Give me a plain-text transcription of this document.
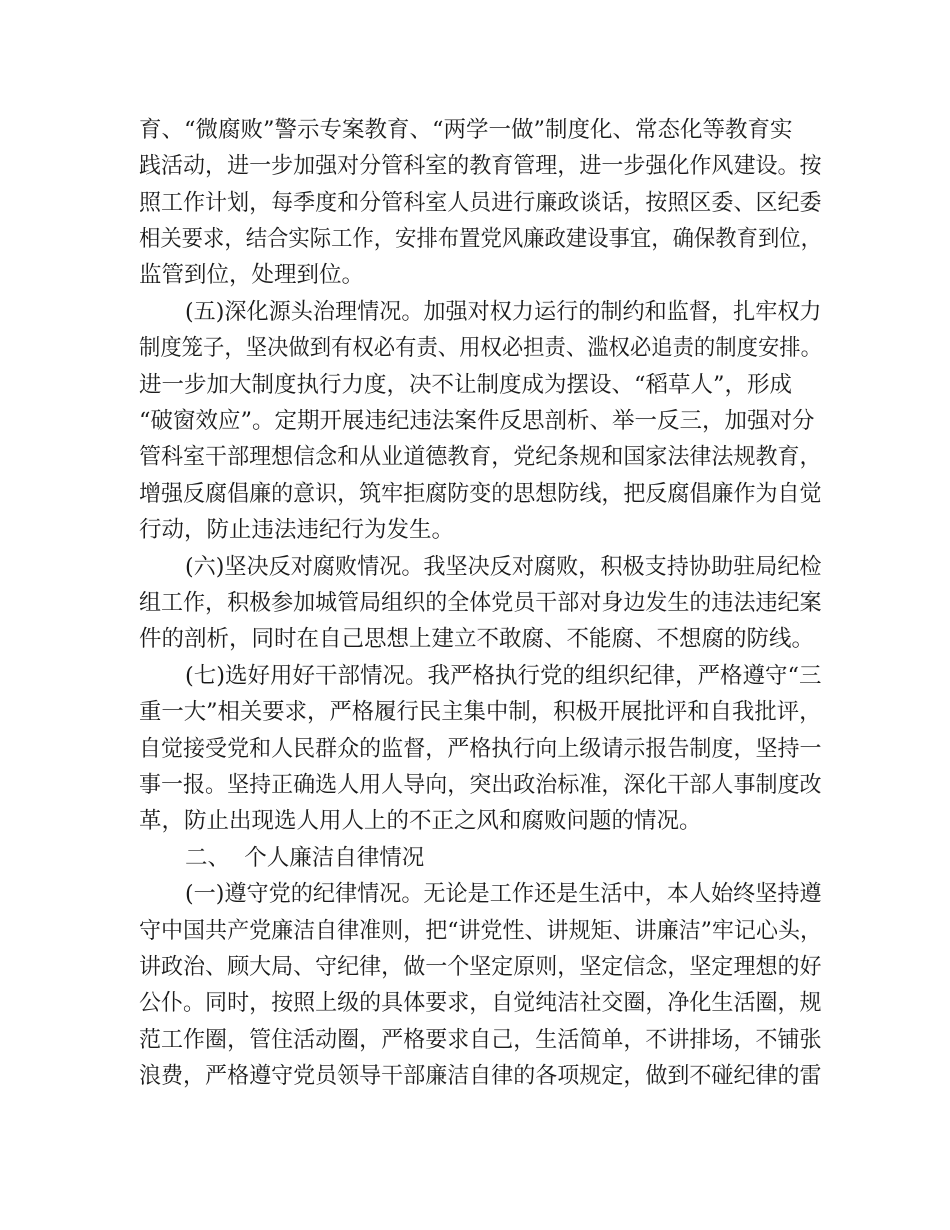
育、“微腐败”警示专案教育、“两学一做”制度化、常态化等教育实
践活动，进一步加强对分管科室的教育管理，进一步强化作风建设。按
照工作计划，每季度和分管科室人员进行廉政谈话，按照区委、区纪委
相关要求，结合实际工作，安排布置党风廉政建设事宜，确保教育到位，
监管到位，处理到位。
(五)深化源头治理情况。加强对权力运行的制约和监督，扎牢权力
制度笼子，坚决做到有权必有责、用权必担责、滥权必追责的制度安排。
进一步加大制度执行力度，决不让制度成为摆设、“稻草人”，形成
“破窗效应”。定期开展违纪违法案件反思剖析、举一反三，加强对分
管科室干部理想信念和从业道德教育，党纪条规和国家法律法规教育，
增强反腐倡廉的意识，筑牢拒腐防变的思想防线，把反腐倡廉作为自觉
行动，防止违法违纪行为发生。
(六)坚决反对腐败情况。我坚决反对腐败，积极支持协助驻局纪检
组工作，积极参加城管局组织的全体党员干部对身边发生的违法违纪案
件的剖析，同时在自己思想上建立不敢腐、不能腐、不想腐的防线。
(七)选好用好干部情况。我严格执行党的组织纪律，严格遵守“三
重一大”相关要求，严格履行民主集中制，积极开展批评和自我批评，
自觉接受党和人民群众的监督，严格执行向上级请示报告制度，坚持一
事一报。坚持正确选人用人导向，突出政治标准，深化干部人事制度改
革，防止出现选人用人上的不正之风和腐败问题的情况。
二、  个人廉洁自律情况
(一)遵守党的纪律情况。无论是工作还是生活中，本人始终坚持遵
守中国共产党廉洁自律准则，把“讲党性、讲规矩、讲廉洁”牢记心头，
讲政治、顾大局、守纪律，做一个坚定原则，坚定信念，坚定理想的好
公仆。同时，按照上级的具体要求，自觉纯洁社交圈，净化生活圈，规
范工作圈，管住活动圈，严格要求自己，生活简单，不讲排场，不铺张
浪费，严格遵守党员领导干部廉洁自律的各项规定，做到不碰纪律的雷
